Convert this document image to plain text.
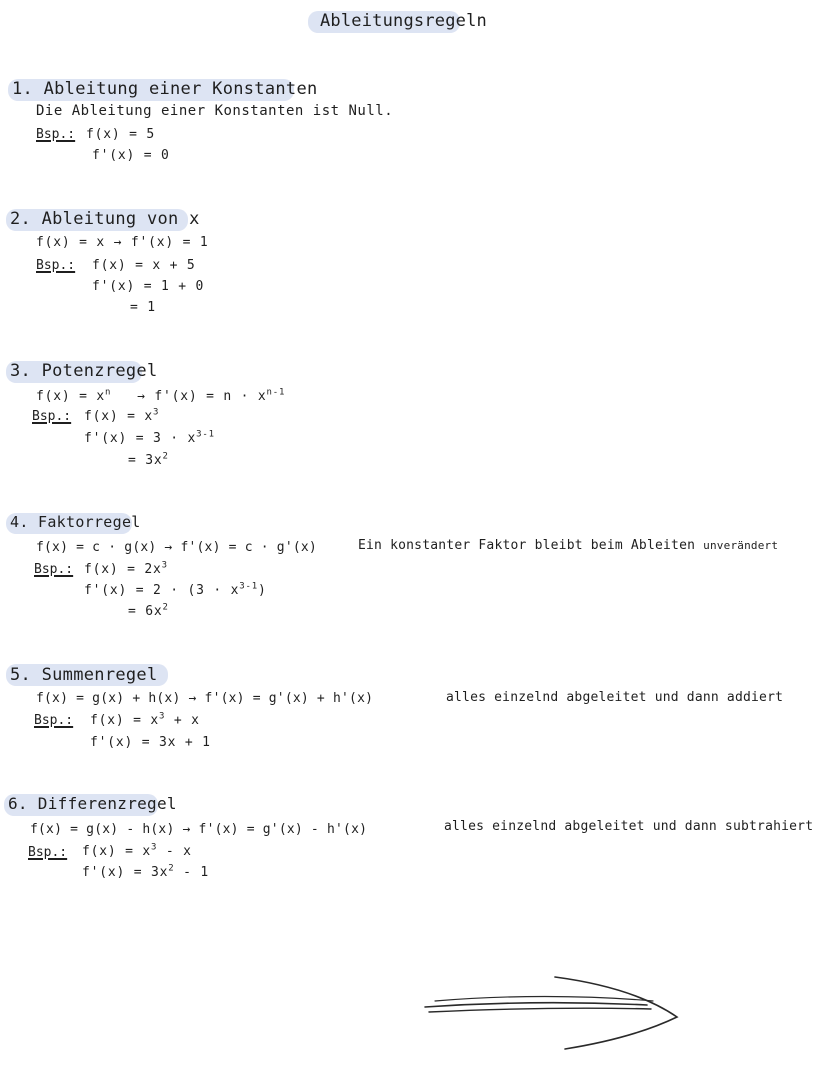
Ableitungsregeln
1. Ableitung einer Konstanten
Die Ableitung einer Konstanten ist Null.
Bsp.: f(x) = 5
f'(x) = 0
2. Ableitung von x
f(x) = x → f'(x) = 1
Bsp.: f(x) = x + 5
f'(x) = 1 + 0
= 1
3. Potenzregel
$f(x) = x^n \to f'(x) = n \cdot x^{n-1}$
Bsp.: $f(x) = x^3$
$f'(x) = 3 \cdot x^{3-1}$
= $3x^2$
4. Faktorregel
f(x) = c · g(x) → f'(x) = c · g'(x)	Ein konstanter Faktor bleibt beim Ableiten unverändert
Bsp.: $f(x) = 2x^3$
$f'(x) = 2 \cdot (3 \cdot x^{3-1})$
= $6x^2$
5. Summenregel
f(x) = g(x) + h(x) → f'(x) = g'(x) + h'(x)	alles einzelnd abgeleitet und dann addiert
Bsp.: $f(x) = x^3 + x$
f'(x) = 3x + 1
6. Differenzregel
f(x) = g(x) - h(x) → f'(x) = g'(x) - h'(x)	alles einzelnd abgeleitet und dann subtrahiert
Bsp.: $f(x) = x^3 - x$
$f'(x) = 3x^2 - 1$
